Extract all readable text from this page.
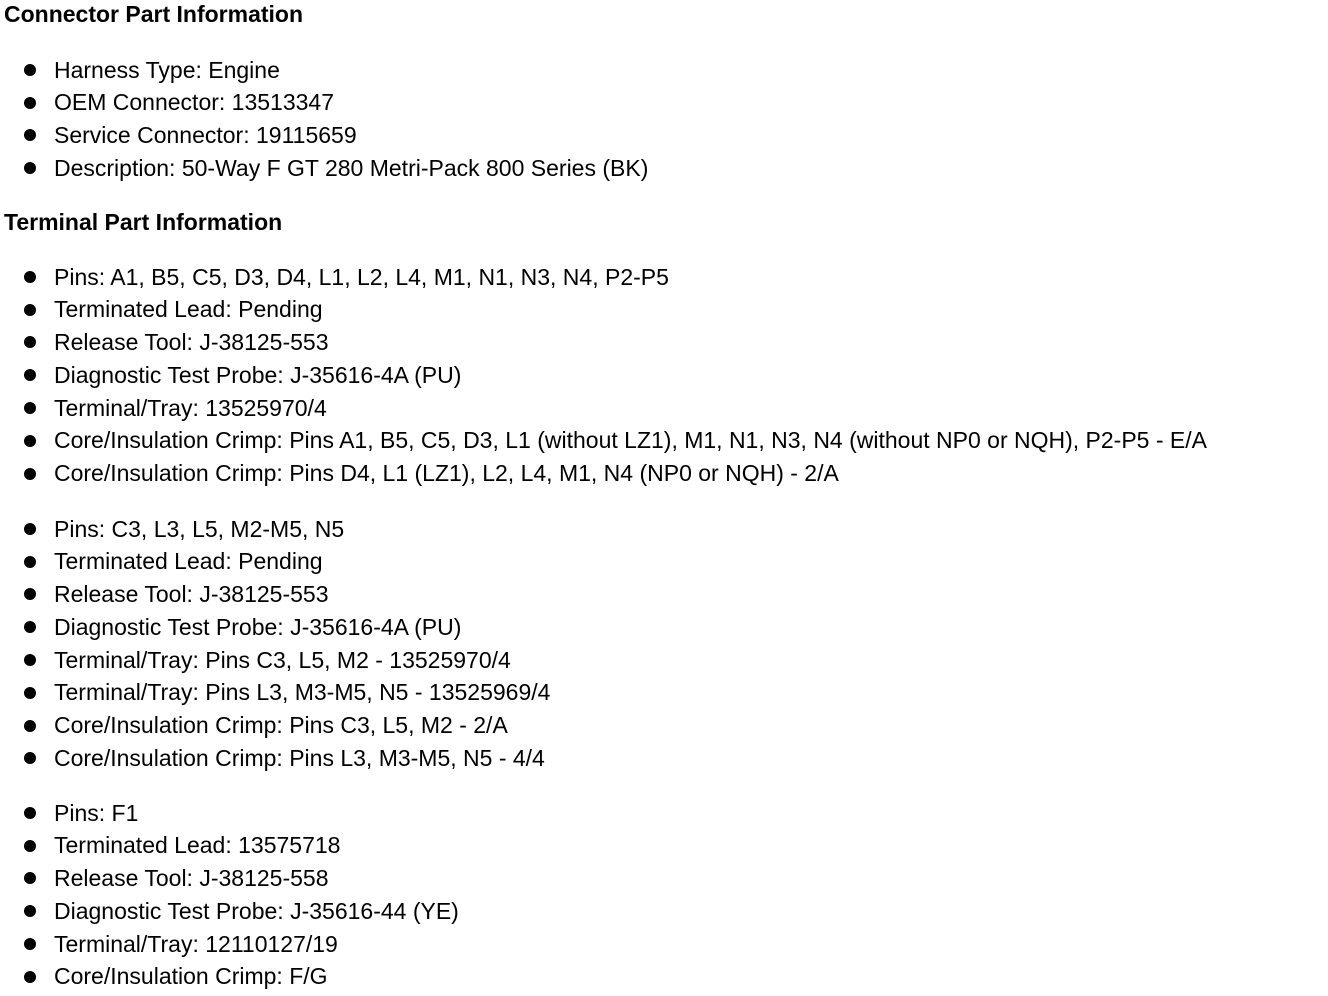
Connector Part Information
Harness Type: Engine
OEM Connector: 13513347
Service Connector: 19115659
Description: 50-Way F GT 280 Metri-Pack 800 Series (BK)
Terminal Part Information
Pins: A1, B5, C5, D3, D4, L1, L2, L4, M1, N1, N3, N4, P2-P5
Terminated Lead: Pending
Release Tool: J-38125-553
Diagnostic Test Probe: J-35616-4A (PU)
Terminal/Tray: 13525970/4
Core/Insulation Crimp: Pins A1, B5, C5, D3, L1 (without LZ1), M1, N1, N3, N4 (without NP0 or NQH), P2-P5 - E/A
Core/Insulation Crimp: Pins D4, L1 (LZ1), L2, L4, M1, N4 (NP0 or NQH) - 2/A
Pins: C3, L3, L5, M2-M5, N5
Terminated Lead: Pending
Release Tool: J-38125-553
Diagnostic Test Probe: J-35616-4A (PU)
Terminal/Tray: Pins C3, L5, M2 - 13525970/4
Terminal/Tray: Pins L3, M3-M5, N5 - 13525969/4
Core/Insulation Crimp: Pins C3, L5, M2 - 2/A
Core/Insulation Crimp: Pins L3, M3-M5, N5 - 4/4
Pins: F1
Terminated Lead: 13575718
Release Tool: J-38125-558
Diagnostic Test Probe: J-35616-44 (YE)
Terminal/Tray: 12110127/19
Core/Insulation Crimp: F/G
